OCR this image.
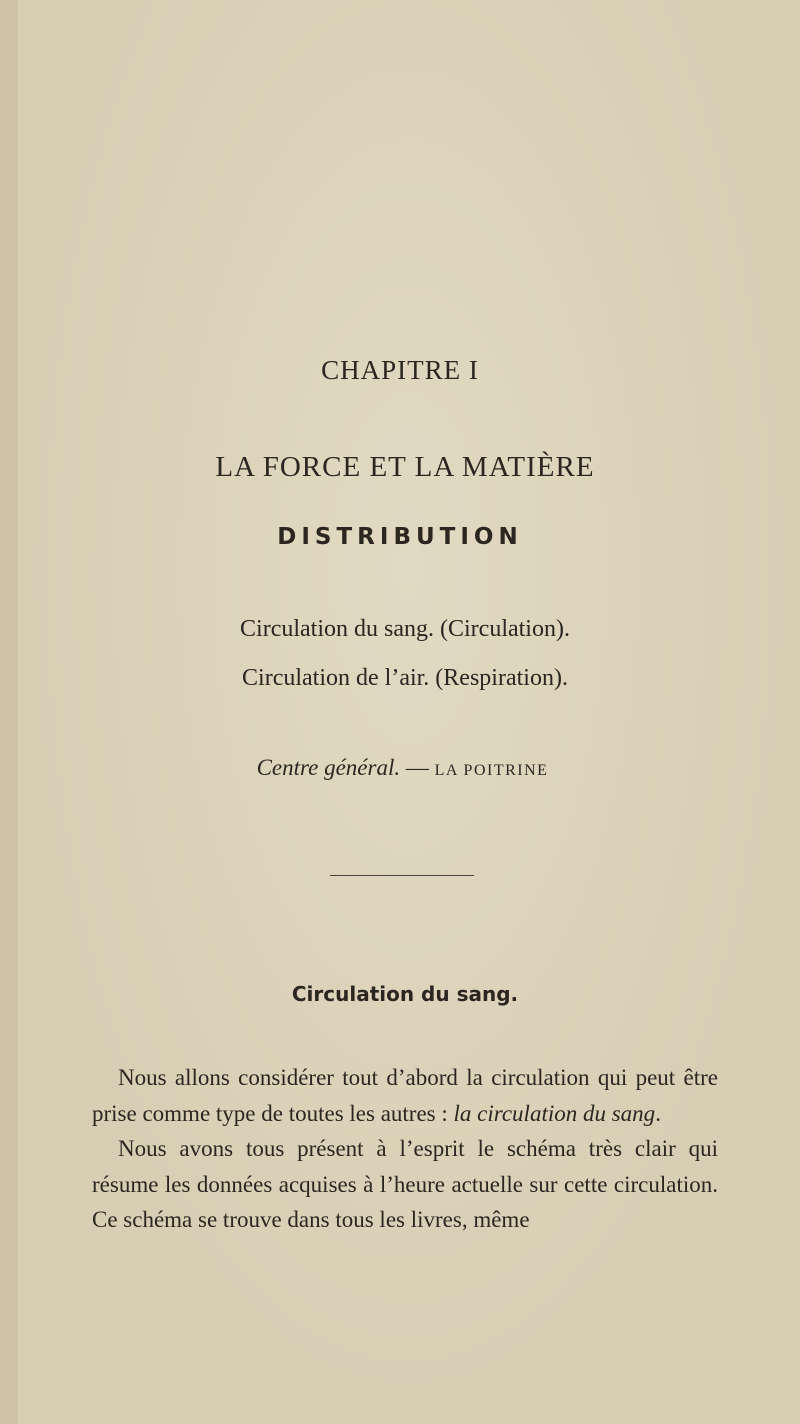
CHAPITRE I
LA FORCE ET LA MATIÈRE
DISTRIBUTION
Circulation du sang. (Circulation).
Circulation de l’air. (Respiration).
Centre général. — LA POITRINE
Circulation du sang.

Nous allons considérer tout d’abord la circulation qui peut être prise comme type de toutes les autres : la circulation du sang.

Nous avons tous présent à l’esprit le schéma très clair qui résume les données acquises à l’heure actuelle sur cette circulation. Ce schéma se trouve dans tous les livres, même
